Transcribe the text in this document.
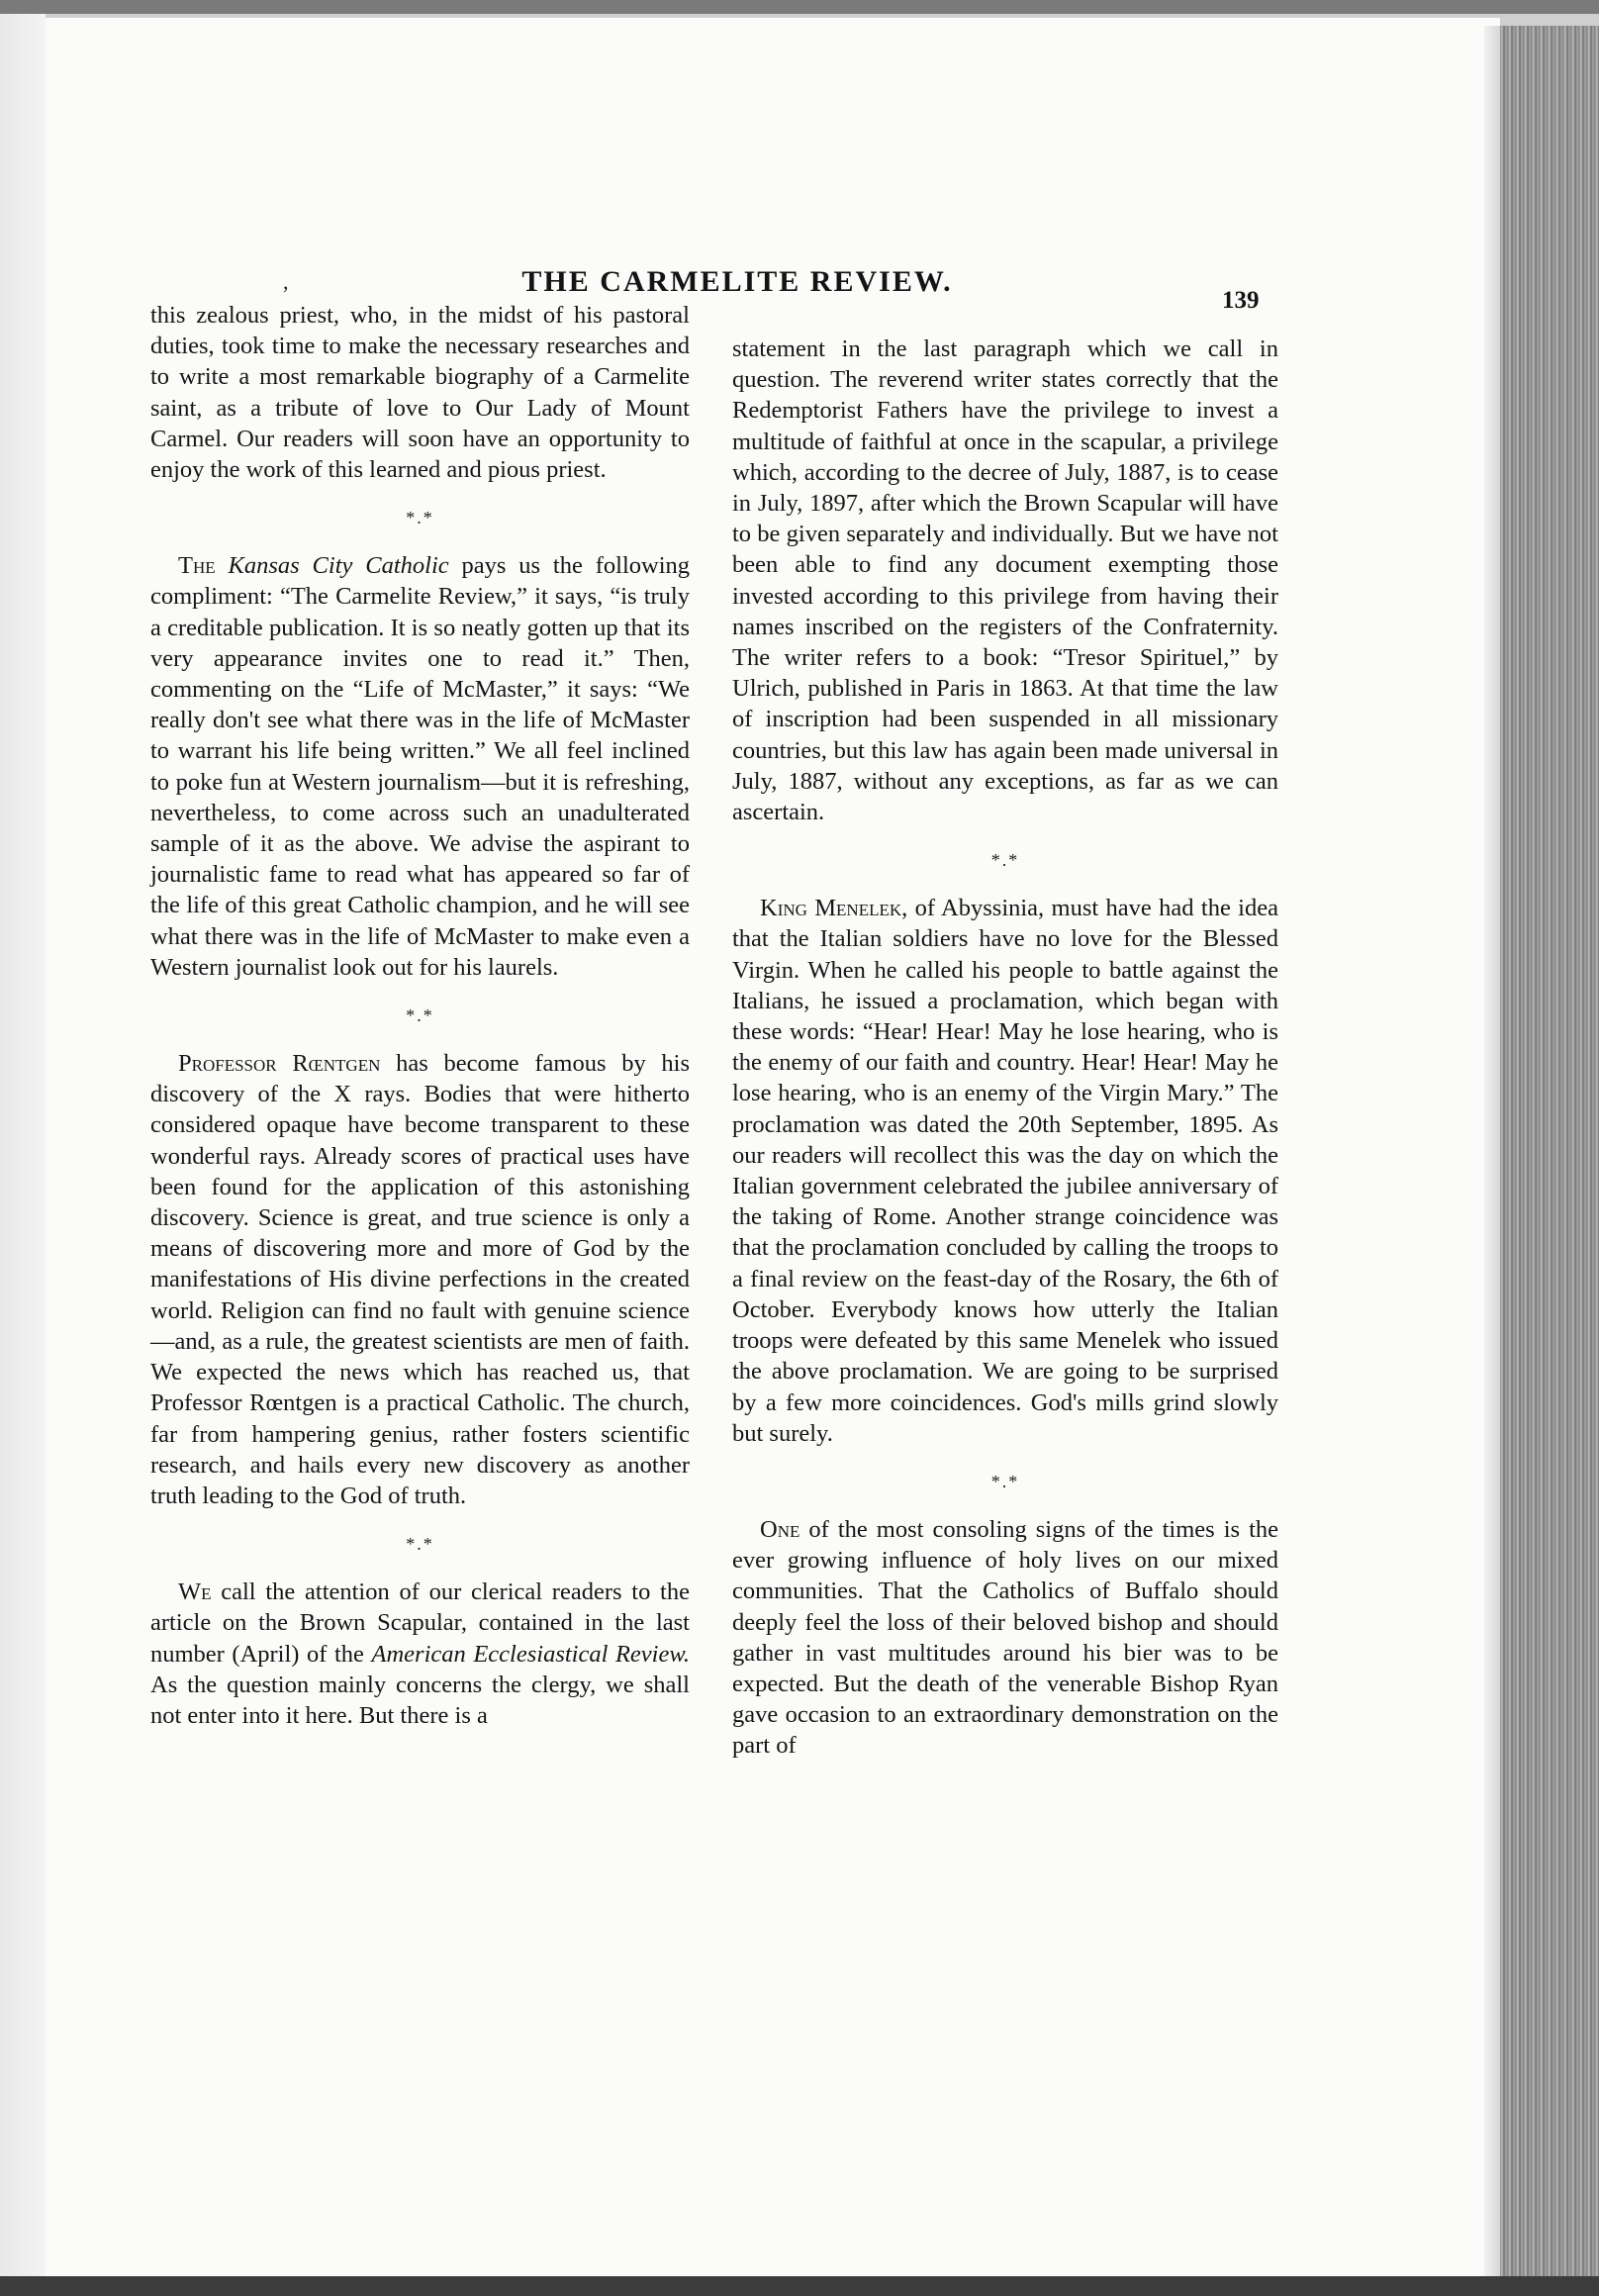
,	THE CARMELITE REVIEW.
139

this zealous priest, who, in the midst of his pastoral duties, took time to make the necessary researches and to write a most remarkable biography of a Carmelite saint, as a tribute of love to Our Lady of Mount Carmel. Our readers will soon have an opportunity to enjoy the work of this learned and pious priest.

*.*

The Kansas City Catholic pays us the following compliment: “The Carmelite Review,” it says, “is truly a creditable publication. It is so neatly gotten up that its very appearance invites one to read it.” Then, commenting on the “Life of McMaster,” it says: “We really don't see what there was in the life of McMaster to warrant his life being written.” We all feel inclined to poke fun at Western journalism—but it is refreshing, nevertheless, to come across such an unadulterated sample of it as the above. We advise the aspirant to journalistic fame to read what has appeared so far of the life of this great Catholic champion, and he will see what there was in the life of McMaster to make even a Western journalist look out for his laurels.

*.*

Professor Rœntgen has become famous by his discovery of the X rays. Bodies that were hitherto considered opaque have become transparent to these wonderful rays. Already scores of practical uses have been found for the application of this astonishing discovery. Science is great, and true science is only a means of discovering more and more of God by the manifestations of His divine perfections in the created world. Religion can find no fault with genuine science—and, as a rule, the greatest scientists are men of faith. We expected the news which has reached us, that Professor Rœntgen is a practical Catholic. The church, far from hampering genius, rather fosters scientific research, and hails every new discovery as another truth leading to the God of truth.

*.*

We call the attention of our clerical readers to the article on the Brown Scapular, contained in the last number (April) of the American Ecclesiastical Review. As the question mainly concerns the clergy, we shall not enter into it here. But there is a

statement in the last paragraph which we call in question. The reverend writer states correctly that the Redemptorist Fathers have the privilege to invest a multitude of faithful at once in the scapular, a privilege which, according to the decree of July, 1887, is to cease in July, 1897, after which the Brown Scapular will have to be given separately and individually. But we have not been able to find any document exempting those invested according to this privilege from having their names inscribed on the registers of the Confraternity. The writer refers to a book: “Tresor Spirituel,” by Ulrich, published in Paris in 1863. At that time the law of inscription had been suspended in all missionary countries, but this law has again been made universal in July, 1887, without any exceptions, as far as we can ascertain.

*.*

King Menelek, of Abyssinia, must have had the idea that the Italian soldiers have no love for the Blessed Virgin. When he called his people to battle against the Italians, he issued a proclamation, which began with these words: “Hear! Hear! May he lose hearing, who is the enemy of our faith and country. Hear! Hear! May he lose hearing, who is an enemy of the Virgin Mary.” The proclamation was dated the 20th September, 1895. As our readers will recollect this was the day on which the Italian government celebrated the jubilee anniversary of the taking of Rome. Another strange coincidence was that the proclamation concluded by calling the troops to a final review on the feast-day of the Rosary, the 6th of October. Everybody knows how utterly the Italian troops were defeated by this same Menelek who issued the above proclamation. We are going to be surprised by a few more coincidences. God's mills grind slowly but surely.

*.*

One of the most consoling signs of the times is the ever growing influence of holy lives on our mixed communities. That the Catholics of Buffalo should deeply feel the loss of their beloved bishop and should gather in vast multitudes around his bier was to be expected. But the death of the venerable Bishop Ryan gave occasion to an extraordinary demonstration on the part of
